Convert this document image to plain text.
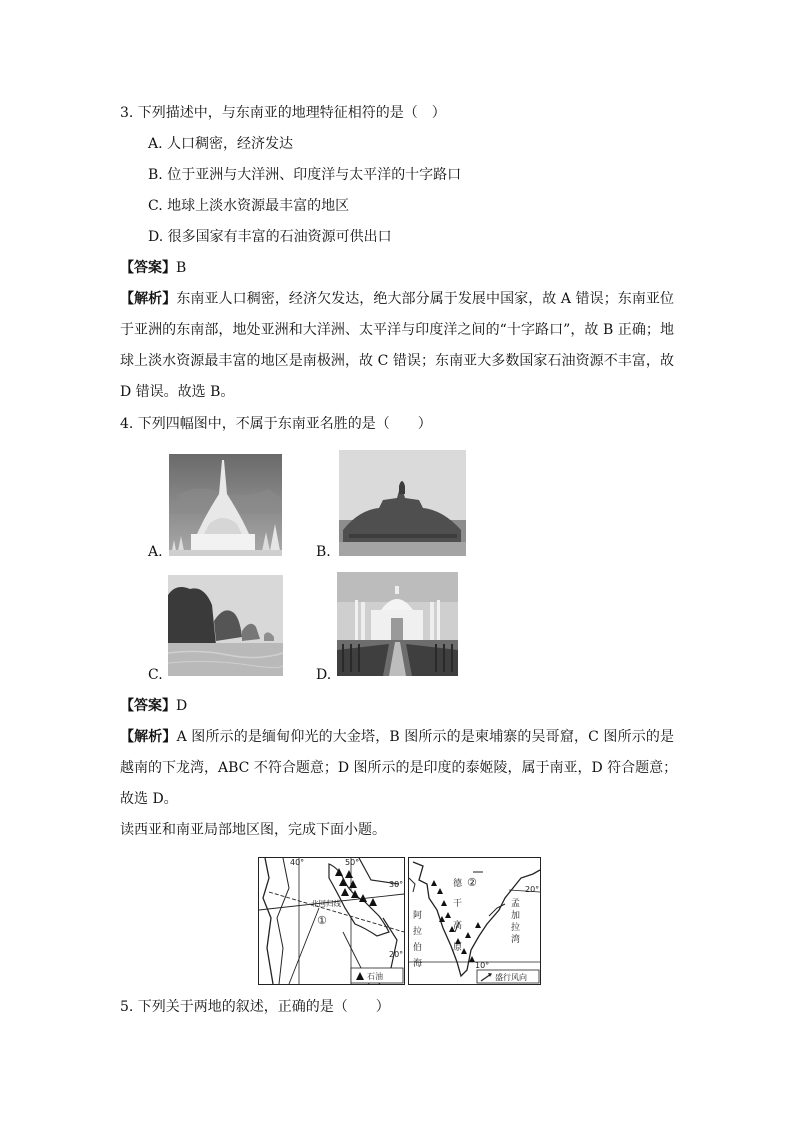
3. 下列描述中，与东南亚的地理特征相符的是（　）
A. 人口稠密，经济发达
B. 位于亚洲与大洋洲、印度洋与太平洋的十字路口
C. 地球上淡水资源最丰富的地区
D. 很多国家有丰富的石油资源可供出口
【答案】B
【解析】东南亚人口稠密，经济欠发达，绝大部分属于发展中国家，故 A 错误；东南亚位
于亚洲的东南部，地处亚洲和大洋洲、太平洋与印度洋之间的“十字路口”，故 B 正确；地
球上淡水资源最丰富的地区是南极洲，故 C 错误；东南亚大多数国家石油资源不丰富，故
D 错误。故选 B。
4. 下列四幅图中，不属于东南亚名胜的是（　　）
A.	B.
C.	D.
【答案】D
【解析】A 图所示的是缅甸仰光的大金塔，B 图所示的是柬埔寨的吴哥窟，C 图所示的是
越南的下龙湾，ABC 不符合题意；D 图所示的是印度的泰姬陵，属于南亚，D 符合题意；
故选 D。
读西亚和南亚局部地区图，完成下面小题。
40°	50°
30°
20°
北回归线
①
石油
德
干
高
原
阿
拉
伯
海
孟
加
拉
湾
②
20°
10°
盛行风向
5. 下列关于两地的叙述，正确的是（　　）
